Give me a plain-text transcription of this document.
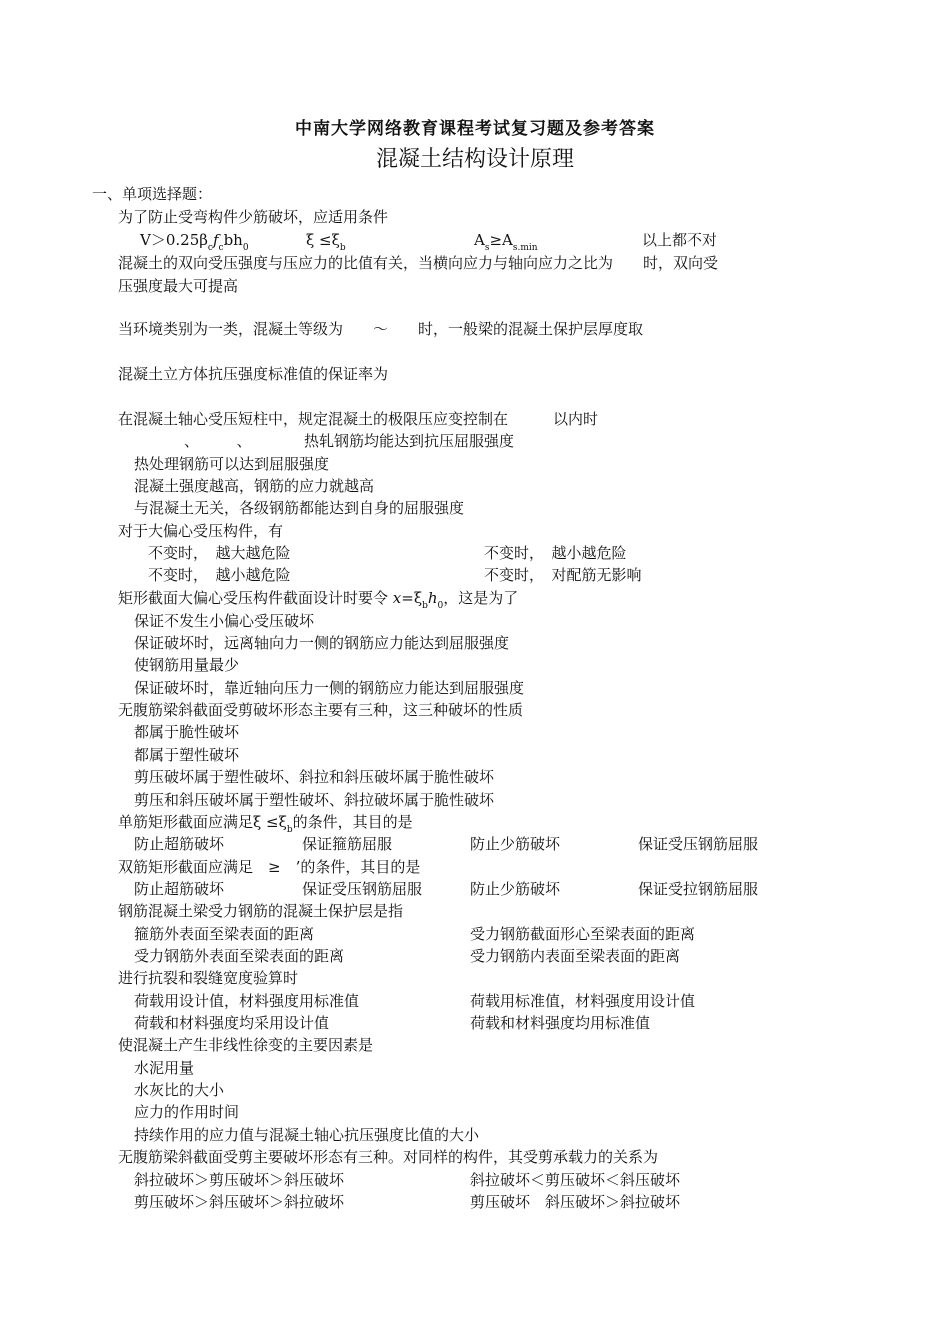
中南大学网络教育课程考试复习题及参考答案
混凝土结构设计原理
一、单项选择题：
为了防止受弯构件少筋破坏，应适用条件
$V>0.25\beta_cf_cbh_0$	$\xi \le\xi_b$	$A_s\ge A_{s.min}$	以上都不对
混凝土的双向受压强度与压应力的比值有关，当横向应力与轴向应力之比为　　时，双向受
压强度最大可提高
当环境类别为一类，混凝土等级为　　～　　时，一般梁的混凝土保护层厚度取
混凝土立方体抗压强度标准值的保证率为
在混凝土轴心受压短柱中，规定混凝土的极限压应变控制在　　　以内时
、　　　、　　　　热轧钢筋均能达到抗压屈服强度
热处理钢筋可以达到屈服强度
混凝土强度越高，钢筋的应力就越高
与混凝土无关，各级钢筋都能达到自身的屈服强度
对于大偏心受压构件，有
不变时，　越大越危险	不变时，　越小越危险
不变时，　越小越危险	不变时，　对配筋无影响
矩形截面大偏心受压构件截面设计时要令 $x=\xi_bh_0$，这是为了
保证不发生小偏心受压破坏
保证破坏时，远离轴向力一侧的钢筋应力能达到屈服强度
使钢筋用量最少
保证破坏时，靠近轴向压力一侧的钢筋应力能达到屈服强度
无腹筋梁斜截面受剪破坏形态主要有三种，这三种破坏的性质
都属于脆性破坏
都属于塑性破坏
剪压破坏属于塑性破坏、斜拉和斜压破坏属于脆性破坏
剪压和斜压破坏属于塑性破坏、斜拉破坏属于脆性破坏
单筋矩形截面应满足$\xi \le\xi_b$的条件，其目的是
防止超筋破坏	保证箍筋屈服	防止少筋破坏	保证受压钢筋屈服
双筋矩形截面应满足　≥　’的条件，其目的是
防止超筋破坏	保证受压钢筋屈服	防止少筋破坏	保证受拉钢筋屈服
钢筋混凝土梁受力钢筋的混凝土保护层是指
箍筋外表面至梁表面的距离	受力钢筋截面形心至梁表面的距离
受力钢筋外表面至梁表面的距离	受力钢筋内表面至梁表面的距离
进行抗裂和裂缝宽度验算时
荷载用设计值，材料强度用标准值	荷载用标准值，材料强度用设计值
荷载和材料强度均采用设计值	荷载和材料强度均用标准值
使混凝土产生非线性徐变的主要因素是
水泥用量
水灰比的大小
应力的作用时间
持续作用的应力值与混凝土轴心抗压强度比值的大小
无腹筋梁斜截面受剪主要破坏形态有三种。对同样的构件，其受剪承载力的关系为
斜拉破坏＞剪压破坏＞斜压破坏	斜拉破坏＜剪压破坏＜斜压破坏
剪压破坏＞斜压破坏＞斜拉破坏	剪压破坏　斜压破坏＞斜拉破坏
